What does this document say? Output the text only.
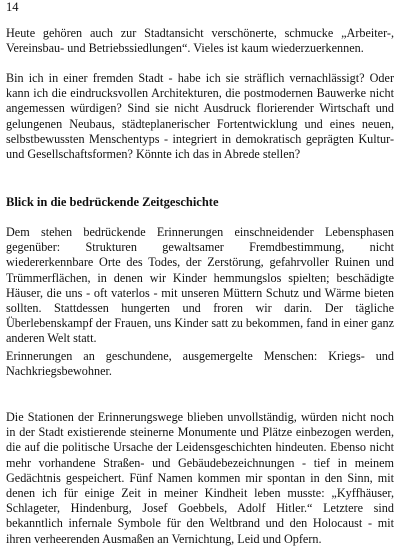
14

Heute gehören auch zur Stadtansicht verschönerte, schmucke „Arbeiter-, Vereinsbau- und Betriebssiedlungen“. Vieles ist kaum wiederzuerkennen.

Bin ich in einer fremden Stadt - habe ich sie sträflich vernachlässigt? Oder kann ich die eindrucksvollen Architekturen, die postmodernen Bauwerke nicht angemessen würdigen? Sind sie nicht Ausdruck florierender Wirtschaft und gelungenen Neubaus, städteplanerischer Fortentwicklung und eines neuen, selbstbewussten Menschentyps - integriert in demokratisch geprägten Kultur- und Gesellschaftsformen? Könnte ich das in Abrede stellen?

Blick in die bedrückende Zeitgeschichte

Dem stehen bedrückende Erinnerungen einschneidender Lebensphasen gegenüber: Strukturen gewaltsamer Fremdbestimmung, nicht wiedererkennbare Orte des Todes, der Zerstörung, gefahrvoller Ruinen und Trümmerflächen, in denen wir Kinder hemmungslos spielten; beschädigte Häuser, die uns - oft vaterlos - mit unseren Müttern Schutz und Wärme bieten sollten. Stattdessen hungerten und froren wir darin. Der tägliche Überlebenskampf der Frauen, uns Kinder satt zu bekommen, fand in einer ganz anderen Welt statt.

Erinnerungen an geschundene, ausgemergelte Menschen: Kriegs- und Nachkriegsbewohner.

Die Stationen der Erinnerungswege blieben unvollständig, würden nicht noch in der Stadt existierende steinerne Monumente und Plätze einbezogen werden, die auf die politische Ursache der Leidensgeschichten hindeuten. Ebenso nicht mehr vorhandene Straßen- und Gebäudebezeichnungen - tief in meinem Gedächtnis gespeichert. Fünf Namen kommen mir spontan in den Sinn, mit denen ich für einige Zeit in meiner Kindheit leben musste: „Kyffhäuser, Schlageter, Hindenburg, Josef Goebbels, Adolf Hitler.“ Letztere sind bekanntlich infernale Symbole für den Weltbrand und den Holocaust - mit ihren verheerenden Ausmaßen an Vernichtung, Leid und Opfern.
